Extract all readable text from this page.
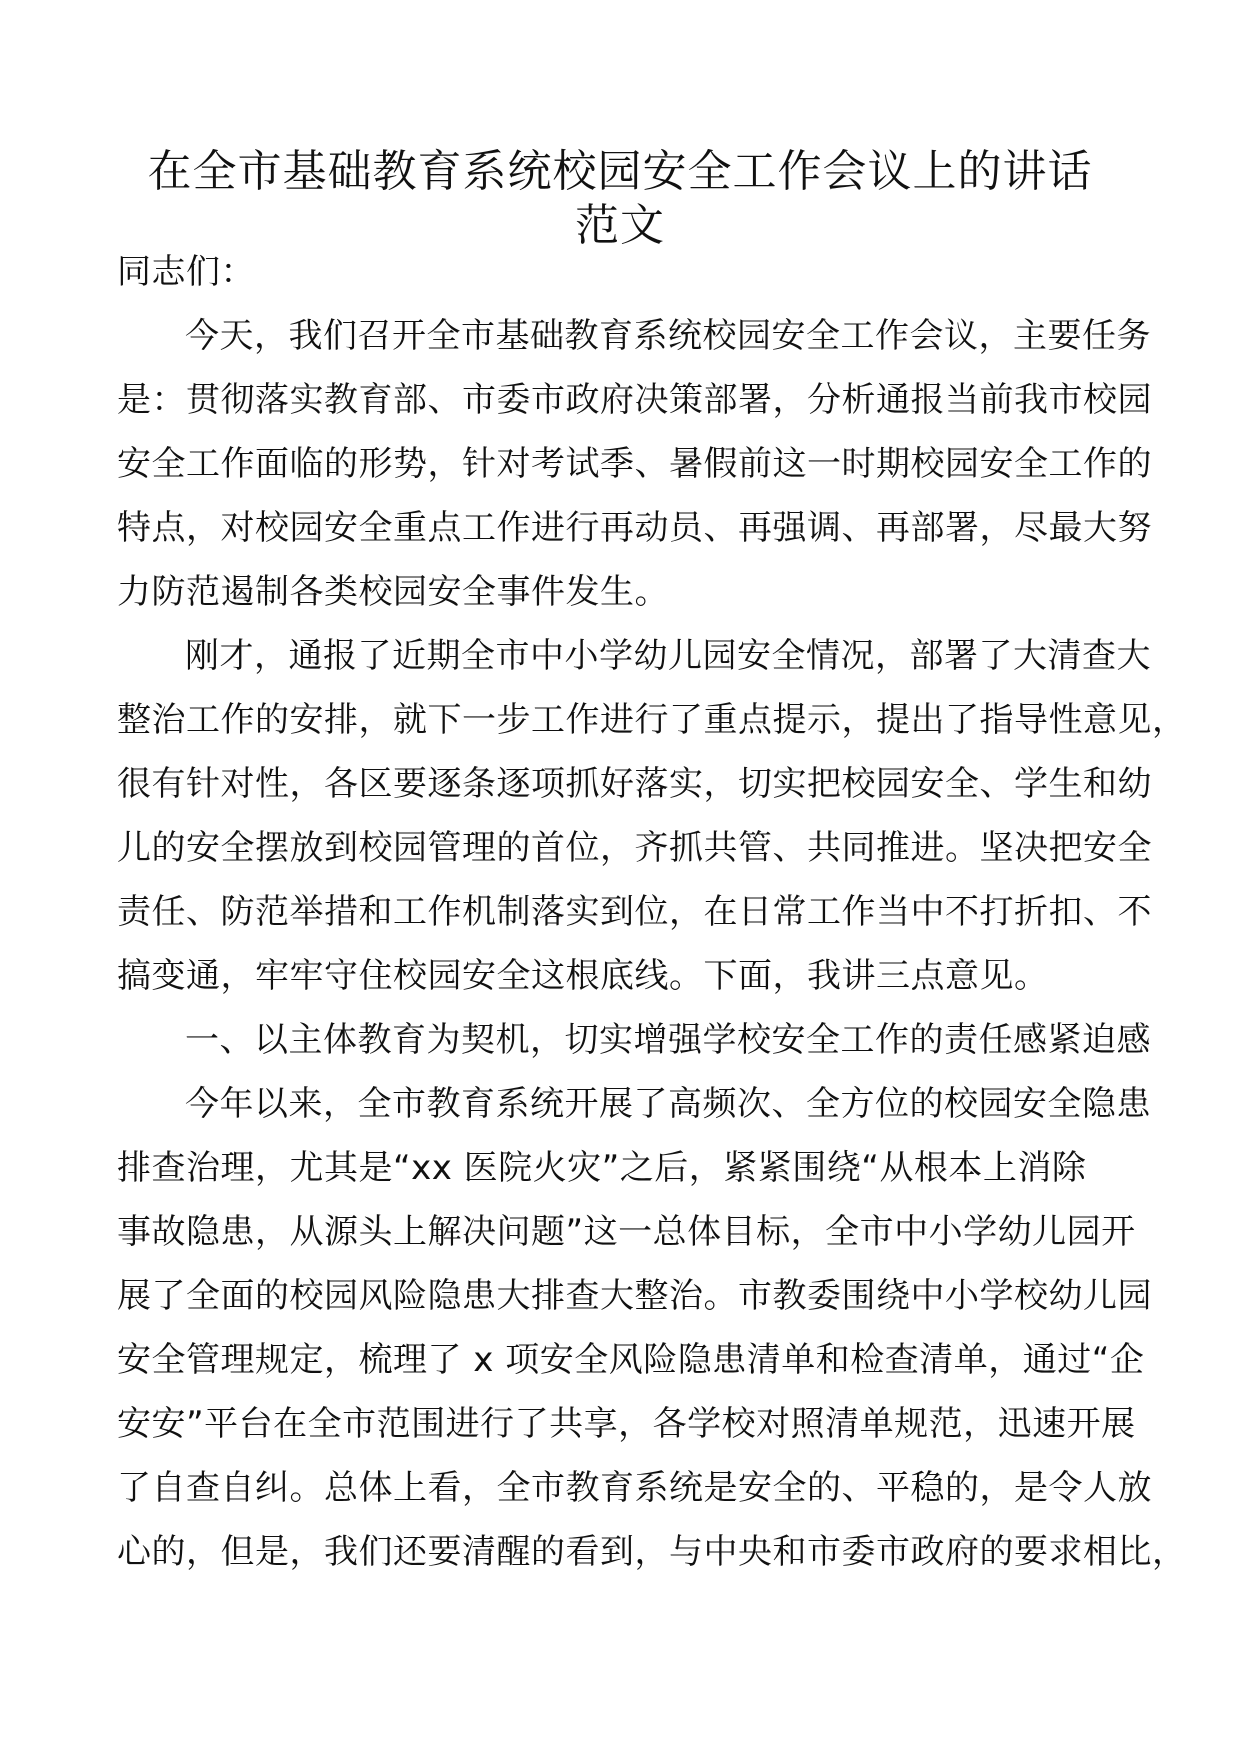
在全市基础教育系统校园安全工作会议上的讲话
范文
同志们：
今天，我们召开全市基础教育系统校园安全工作会议，主要任务
是：贯彻落实教育部、市委市政府决策部署，分析通报当前我市校园
安全工作面临的形势，针对考试季、暑假前这一时期校园安全工作的
特点，对校园安全重点工作进行再动员、再强调、再部署，尽最大努
力防范遏制各类校园安全事件发生。
刚才，通报了近期全市中小学幼儿园安全情况，部署了大清查大
整治工作的安排，就下一步工作进行了重点提示，提出了指导性意见，
很有针对性，各区要逐条逐项抓好落实，切实把校园安全、学生和幼
儿的安全摆放到校园管理的首位，齐抓共管、共同推进。坚决把安全
责任、防范举措和工作机制落实到位，在日常工作当中不打折扣、不
搞变通，牢牢守住校园安全这根底线。下面，我讲三点意见。
一、以主体教育为契机，切实增强学校安全工作的责任感紧迫感
今年以来，全市教育系统开展了高频次、全方位的校园安全隐患
排查治理，尤其是“xx 医院火灾”之后，紧紧围绕“从根本上消除
事故隐患，从源头上解决问题”这一总体目标，全市中小学幼儿园开
展了全面的校园风险隐患大排查大整治。市教委围绕中小学校幼儿园
安全管理规定，梳理了 x 项安全风险隐患清单和检查清单，通过“企
安安”平台在全市范围进行了共享，各学校对照清单规范，迅速开展
了自查自纠。总体上看，全市教育系统是安全的、平稳的，是令人放
心的，但是，我们还要清醒的看到，与中央和市委市政府的要求相比，
